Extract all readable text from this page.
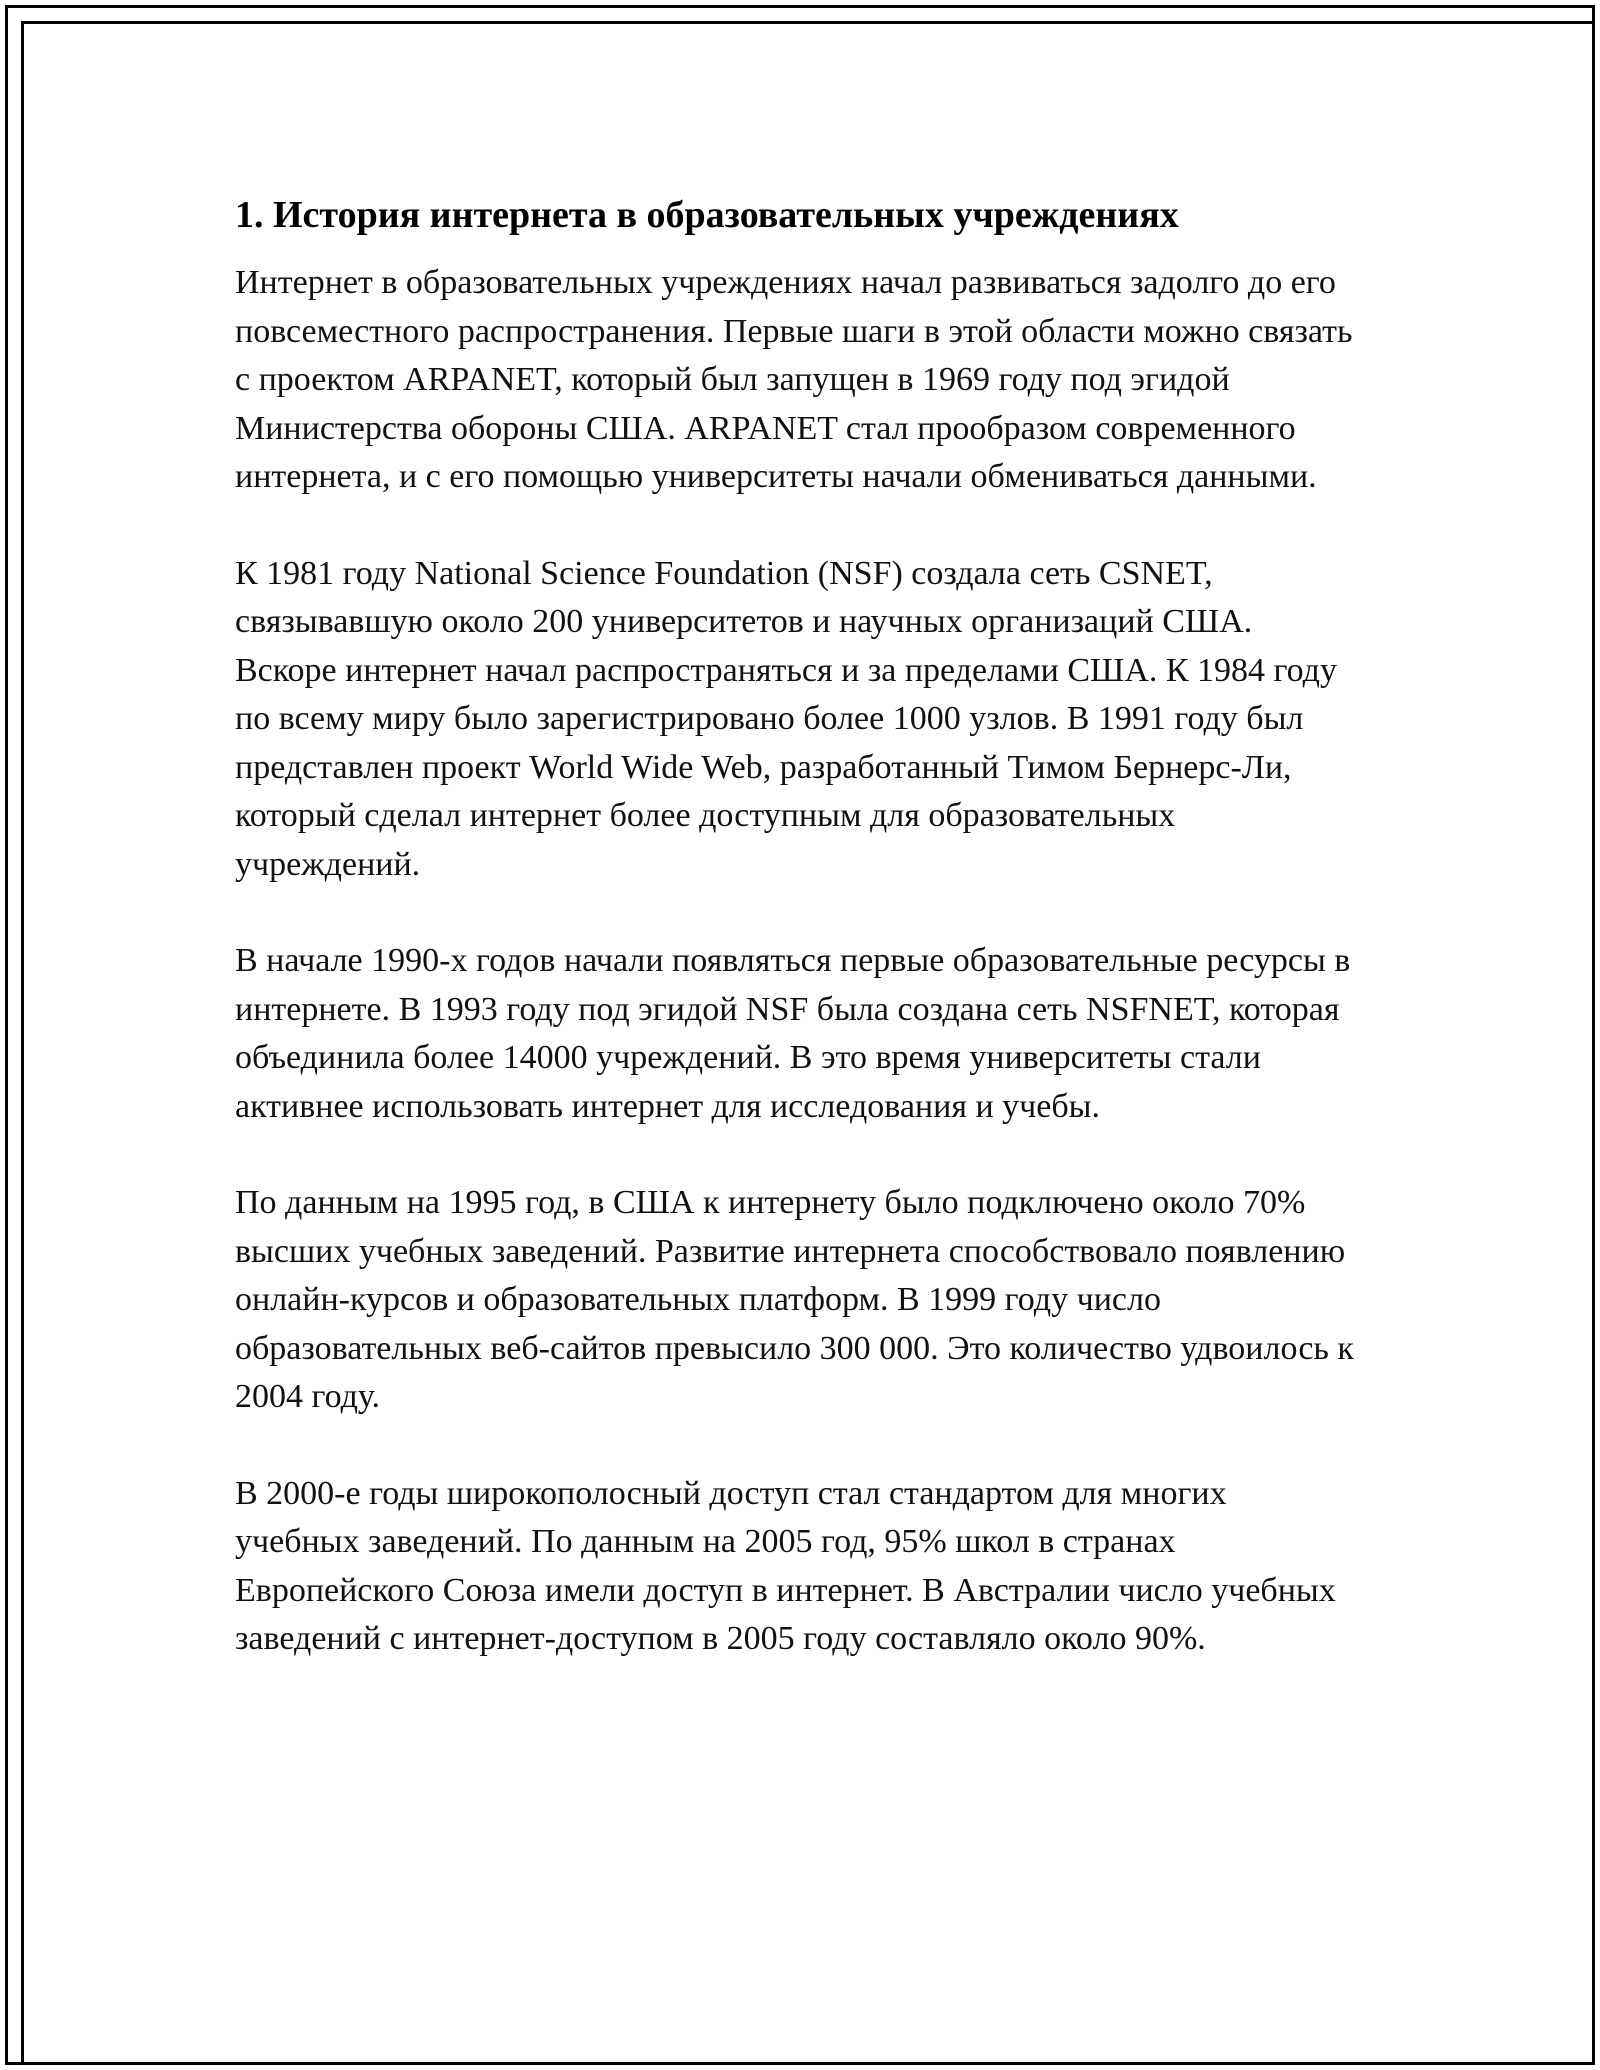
1. История интернета в образовательных учреждениях

Интернет в образовательных учреждениях начал развиваться задолго до его повсеместного распространения. Первые шаги в этой области можно связать с проектом ARPANET, который был запущен в 1969 году под эгидой Министерства обороны США. ARPANET стал прообразом современного интернета, и с его помощью университеты начали обмениваться данными.

К 1981 году National Science Foundation (NSF) создала сеть CSNET, связывавшую около 200 университетов и научных организаций США. Вскоре интернет начал распространяться и за пределами США. К 1984 году по всему миру было зарегистрировано более 1000 узлов. В 1991 году был представлен проект World Wide Web, разработанный Тимом Бернерс-Ли, который сделал интернет более доступным для образовательных учреждений.

В начале 1990-х годов начали появляться первые образовательные ресурсы в интернете. В 1993 году под эгидой NSF была создана сеть NSFNET, которая объединила более 14000 учреждений. В это время университеты стали активнее использовать интернет для исследования и учебы.

По данным на 1995 год, в США к интернету было подключено около 70% высших учебных заведений. Развитие интернета способствовало появлению онлайн-курсов и образовательных платформ. В 1999 году число образовательных веб-сайтов превысило 300 000. Это количество удвоилось к 2004 году.

В 2000-е годы широкополосный доступ стал стандартом для многих учебных заведений. По данным на 2005 год, 95% школ в странах Европейского Союза имели доступ в интернет. В Австралии число учебных заведений с интернет-доступом в 2005 году составляло около 90%.
